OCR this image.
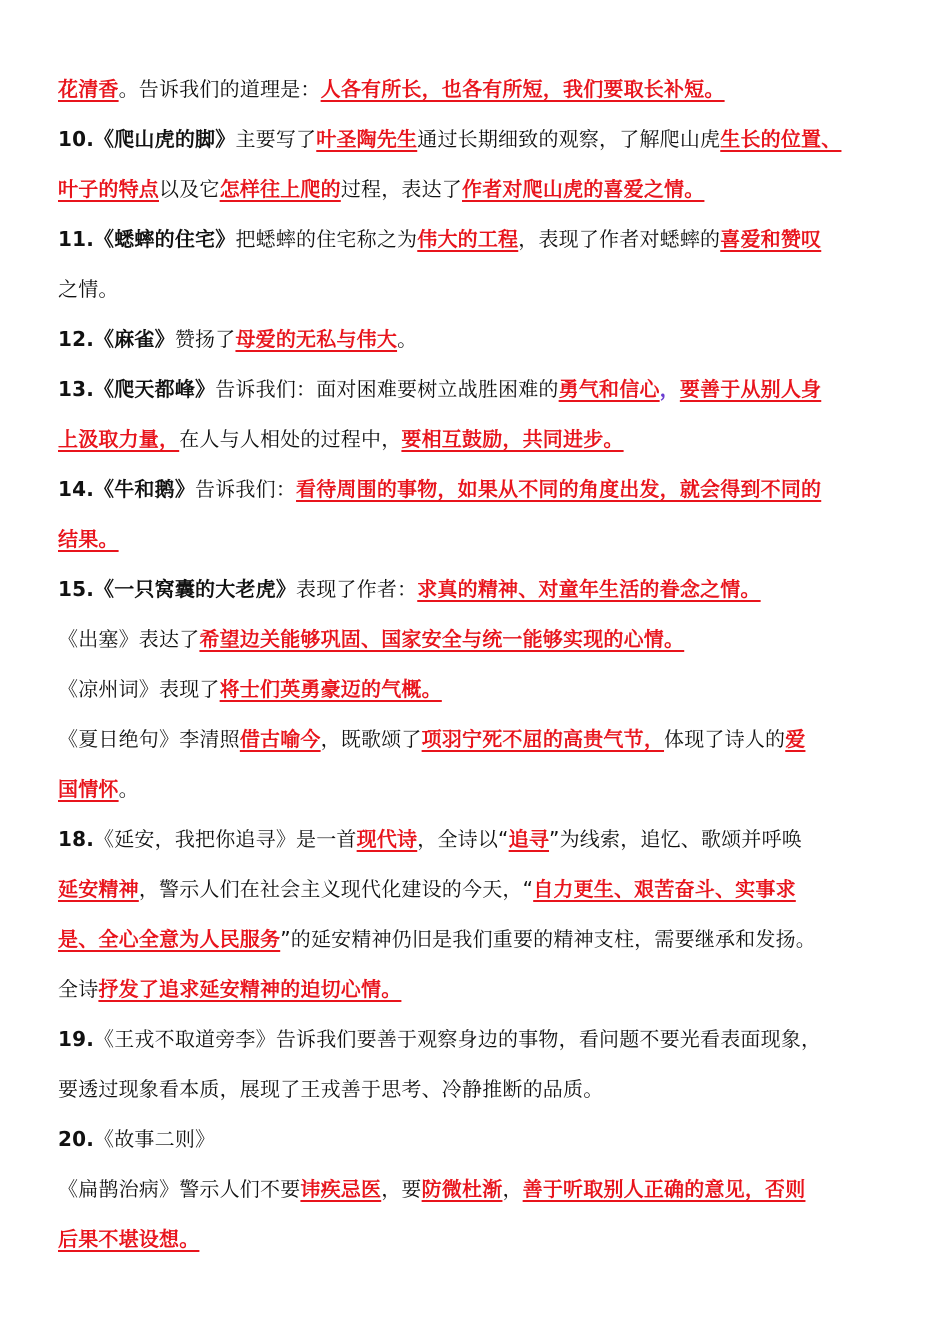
花清香。告诉我们的道理是：人各有所长，也各有所短，我们要取长补短。
10.《爬山虎的脚》主要写了叶圣陶先生通过长期细致的观察，了解爬山虎生长的位置、
叶子的特点以及它怎样往上爬的过程，表达了作者对爬山虎的喜爱之情。
11.《蟋蟀的住宅》把蟋蟀的住宅称之为伟大的工程，表现了作者对蟋蟀的喜爱和赞叹
之情。
12.《麻雀》赞扬了母爱的无私与伟大。
13.《爬天都峰》告诉我们：面对困难要树立战胜困难的勇气和信心，要善于从别人身
上汲取力量，在人与人相处的过程中，要相互鼓励，共同进步。
14.《牛和鹅》告诉我们：看待周围的事物，如果从不同的角度出发，就会得到不同的
结果。
15.《一只窝囊的大老虎》表现了作者：求真的精神、对童年生活的眷念之情。
《出塞》表达了希望边关能够巩固、国家安全与统一能够实现的心情。
《凉州词》表现了将士们英勇豪迈的气概。
《夏日绝句》李清照借古喻今，既歌颂了项羽宁死不屈的高贵气节，体现了诗人的爱
国情怀。
18.《延安，我把你追寻》是一首现代诗，全诗以“追寻”为线索，追忆、歌颂并呼唤
延安精神，警示人们在社会主义现代化建设的今天，“自力更生、艰苦奋斗、实事求
是、全心全意为人民服务”的延安精神仍旧是我们重要的精神支柱，需要继承和发扬。
全诗抒发了追求延安精神的迫切心情。
19.《王戎不取道旁李》告诉我们要善于观察身边的事物，看问题不要光看表面现象，
要透过现象看本质，展现了王戎善于思考、冷静推断的品质。
20.《故事二则》
《扁鹊治病》警示人们不要讳疾忌医，要防微杜渐，善于听取别人正确的意见，否则
后果不堪设想。
